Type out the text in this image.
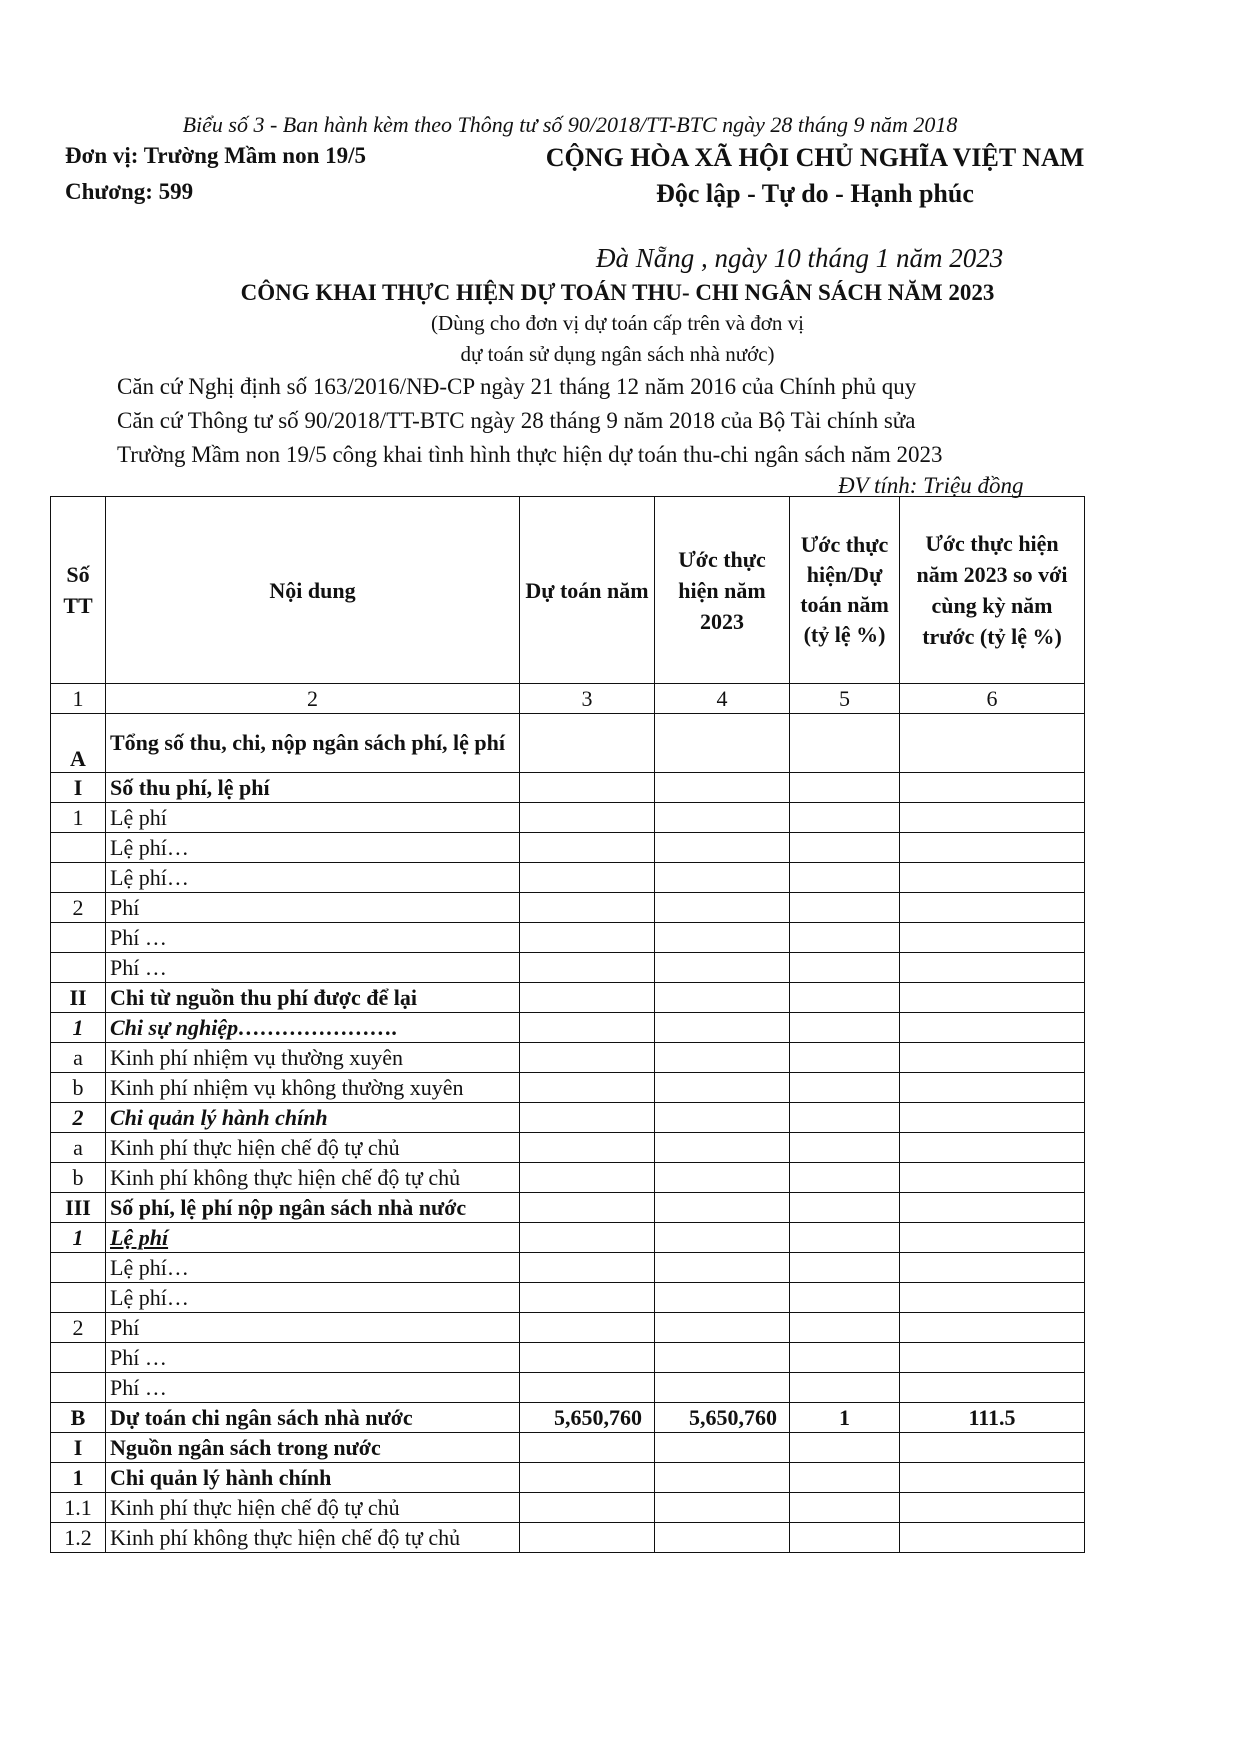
Biểu số 3 - Ban hành kèm theo Thông tư số 90/2018/TT-BTC ngày 28 tháng 9 năm 2018
Đơn vị: Trường Mầm non 19/5
Chương: 599
CỘNG HÒA XÃ HỘI CHỦ NGHĨA VIỆT NAM
Độc lập - Tự do - Hạnh phúc
Đà Nẵng , ngày 10 tháng 1 năm 2023
CÔNG KHAI THỰC HIỆN DỰ TOÁN THU- CHI NGÂN SÁCH NĂM 2023
(Dùng cho đơn vị dự toán cấp trên và đơn vị
dự toán sử dụng ngân sách nhà nước)
Căn cứ Nghị định số 163/2016/NĐ-CP ngày 21 tháng 12 năm 2016 của Chính phủ quy
Căn cứ Thông tư số 90/2018/TT-BTC ngày 28 tháng 9 năm 2018 của Bộ Tài chính sửa
Trường Mầm non 19/5 công khai tình hình thực hiện dự toán thu-chi ngân sách năm 2023
ĐV tính: Triệu đồng
Số TT	Nội dung	Dự toán năm	Ước thực hiện năm 2023	Ước thực hiện/Dự toán năm (tỷ lệ %)	Ước thực hiện năm 2023 so với cùng kỳ năm trước (tỷ lệ %)
1	2	3	4	5	6
A	Tổng số thu, chi, nộp ngân sách phí, lệ phí				
I	Số thu phí, lệ phí				
1	Lệ phí				
	Lệ phí…				
	Lệ phí…				
2	Phí				
	Phí …				
	Phí …				
II	Chi từ nguồn thu phí được để lại				
1	Chi sự nghiệp………………….				
a	Kinh phí nhiệm vụ thường xuyên				
b	Kinh phí nhiệm vụ không thường xuyên				
2	Chi quản lý hành chính				
a	Kinh phí thực hiện chế độ tự chủ				
b	Kinh phí không thực hiện chế độ tự chủ				
III	Số phí, lệ phí nộp ngân sách nhà nước				
1	Lệ phí				
	Lệ phí…				
	Lệ phí…				
2	Phí				
	Phí …				
	Phí …				
B	Dự toán chi ngân sách nhà nước	5,650,760	5,650,760	1	111.5
I	Nguồn ngân sách trong nước				
1	Chi quản lý hành chính				
1.1	Kinh phí thực hiện chế độ tự chủ				
1.2	Kinh phí không thực hiện chế độ tự chủ				
